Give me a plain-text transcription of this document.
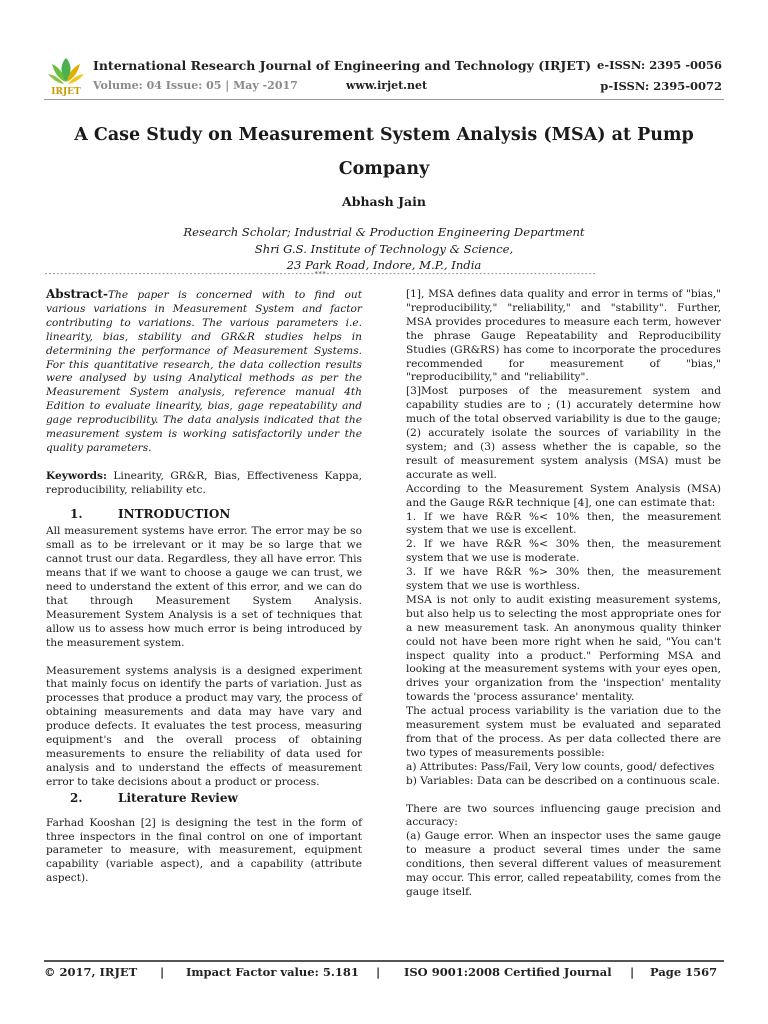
IRJET
International Research Journal of Engineering and Technology (IRJET) e-ISSN: 2395 -0056
Volume: 04 Issue: 05 | May -2017	www.irjet.net	p-ISSN: 2395-0072
A Case Study on Measurement System Analysis (MSA) at Pump
Company
Abhash Jain
Research Scholar; Industrial & Production Engineering Department
Shri G.S. Institute of Technology & Science,
23 Park Road, Indore, M.P., India
---------------------------------------------------------------------***---------------------------------------------------------------------

Abstract-The paper is concerned with to find out various variations in Measurement System and factor contributing to variations. The various parameters i.e. linearity, bias, stability and GR&R studies helps in determining the performance of Measurement Systems. For this quantitative research, the data collection results were analysed by using Analytical methods as per the Measurement System analysis, reference manual 4th Edition to evaluate linearity, bias, gage repeatability and gage reproducibility. The data analysis indicated that the measurement system is working satisfactorily under the quality parameters.

Keywords: Linearity, GR&R, Bias, Effectiveness Kappa, reproducibility, reliability etc.

1.	INTRODUCTION

All measurement systems have error. The error may be so small as to be irrelevant or it may be so large that we cannot trust our data. Regardless, they all have error. This means that if we want to choose a gauge we can trust, we need to understand the extent of this error, and we can do that through Measurement System Analysis. Measurement System Analysis is a set of techniques that allow us to assess how much error is being introduced by the measurement system.

Measurement systems analysis is a designed experiment that mainly focus on identify the parts of variation. Just as processes that produce a product may vary, the process of obtaining measurements and data may have vary and produce defects. It evaluates the test process, measuring equipment's and the overall process of obtaining measurements to ensure the reliability of data used for analysis and to understand the effects of measurement error to take decisions about a product or process.

2.	Literature Review

Farhad Kooshan [2] is designing the test in the form of three inspectors in the final control on one of important parameter to measure, with measurement, equipment capability (variable aspect), and a capability (attribute aspect).

[1], MSA defines data quality and error in terms of "bias," "reproducibility," "reliability," and "stability". Further, MSA provides procedures to measure each term, however the phrase Gauge Repeatability and Reproducibility Studies (GR&RS) has come to incorporate the procedures recommended for measurement of "bias," "reproducibility," and "reliability".

[3]Most purposes of the measurement system and capability studies are to ; (1) accurately determine how much of the total observed variability is due to the gauge; (2) accurately isolate the sources of variability in the system; and (3) assess whether the is capable, so the result of measurement system analysis (MSA) must be accurate as well.

According to the Measurement System Analysis (MSA) and the Gauge R&R technique [4], one can estimate that:

1. If we have R&R %< 10% then, the measurement system that we use is excellent.

2. If we have R&R %< 30% then, the measurement system that we use is moderate.

3. If we have R&R %> 30% then, the measurement system that we use is worthless.

MSA is not only to audit existing measurement systems, but also help us to selecting the most appropriate ones for a new measurement task. An anonymous quality thinker could not have been more right when he said, "You can't inspect quality into a product." Performing MSA and looking at the measurement systems with your eyes open, drives your organization from the 'inspection' mentality towards the 'process assurance' mentality.

The actual process variability is the variation due to the measurement system must be evaluated and separated from that of the process. As per data collected there are two types of measurements possible:

a) Attributes: Pass/Fail, Very low counts, good/ defectives

b) Variables: Data can be described on a continuous scale.

There are two sources influencing gauge precision and accuracy:

(a) Gauge error. When an inspector uses the same gauge to measure a product several times under the same conditions, then several different values of measurement may occur. This error, called repeatability, comes from the gauge itself.

© 2017, IRJET | Impact Factor value: 5.181 | ISO 9001:2008 Certified Journal | Page 1567
